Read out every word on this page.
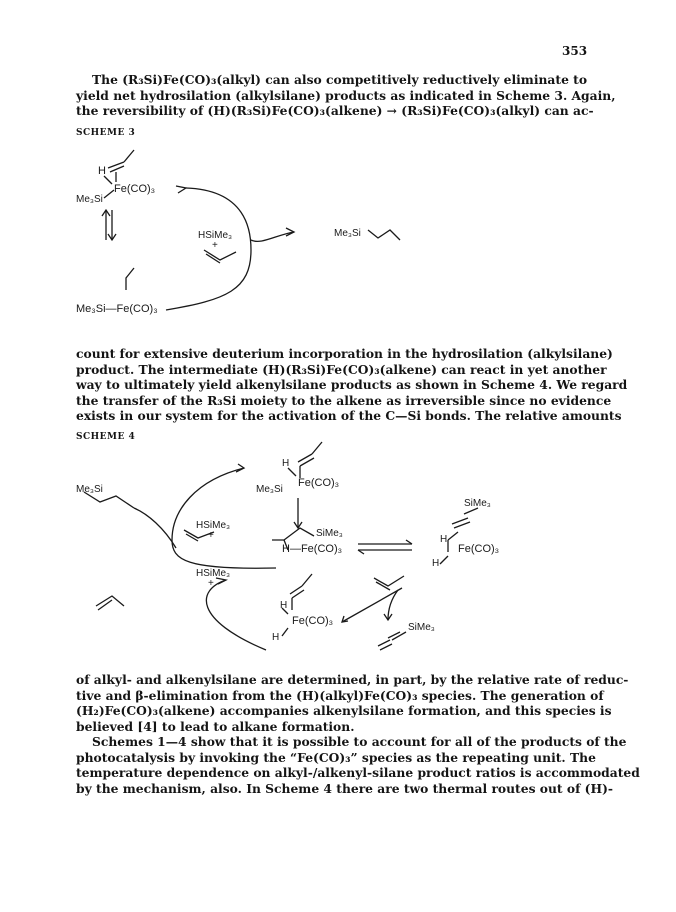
353

The (R₃Si)Fe(CO)₃(alkyl) can also competitively reductively eliminate to
yield net hydrosilation (alkylsilane) products as indicated in Scheme 3. Again,
the reversibility of (H)(R₃Si)Fe(CO)₃(alkene) → (R₃Si)Fe(CO)₃(alkyl) can ac-

SCHEME 3
H
Fe(CO)₃
Me₃Si
HSiMe₃
+
Me₃Si
Me₃Si—Fe(CO)₃

count for extensive deuterium incorporation in the hydrosilation (alkylsilane)
product. The intermediate (H)(R₃Si)Fe(CO)₃(alkene) can react in yet another
way to ultimately yield alkenylsilane products as shown in Scheme 4. We regard
the transfer of the R₃Si moiety to the alkene as irreversible since no evidence
exists in our system for the activation of the C—Si bonds. The relative amounts

SCHEME 4
H
Fe(CO)₃
Me₃Si
Me₃Si
HSiMe₃
+	SiMe₃
H—Fe(CO)₃
SiMe₃
H
Fe(CO)₃
H
HSiMe₃
+
H
Fe(CO)₃
H
SiMe₃

of alkyl- and alkenylsilane are determined, in part, by the relative rate of reduc-
tive and β-elimination from the (H)(alkyl)Fe(CO)₃ species. The generation of
(H₂)Fe(CO)₃(alkene) accompanies alkenylsilane formation, and this species is
believed [4] to lead to alkane formation.

Schemes 1—4 show that it is possible to account for all of the products of the
photocatalysis by invoking the “Fe(CO)₃” species as the repeating unit. The
temperature dependence on alkyl-/alkenyl-silane product ratios is accommodated
by the mechanism, also. In Scheme 4 there are two thermal routes out of (H)-
